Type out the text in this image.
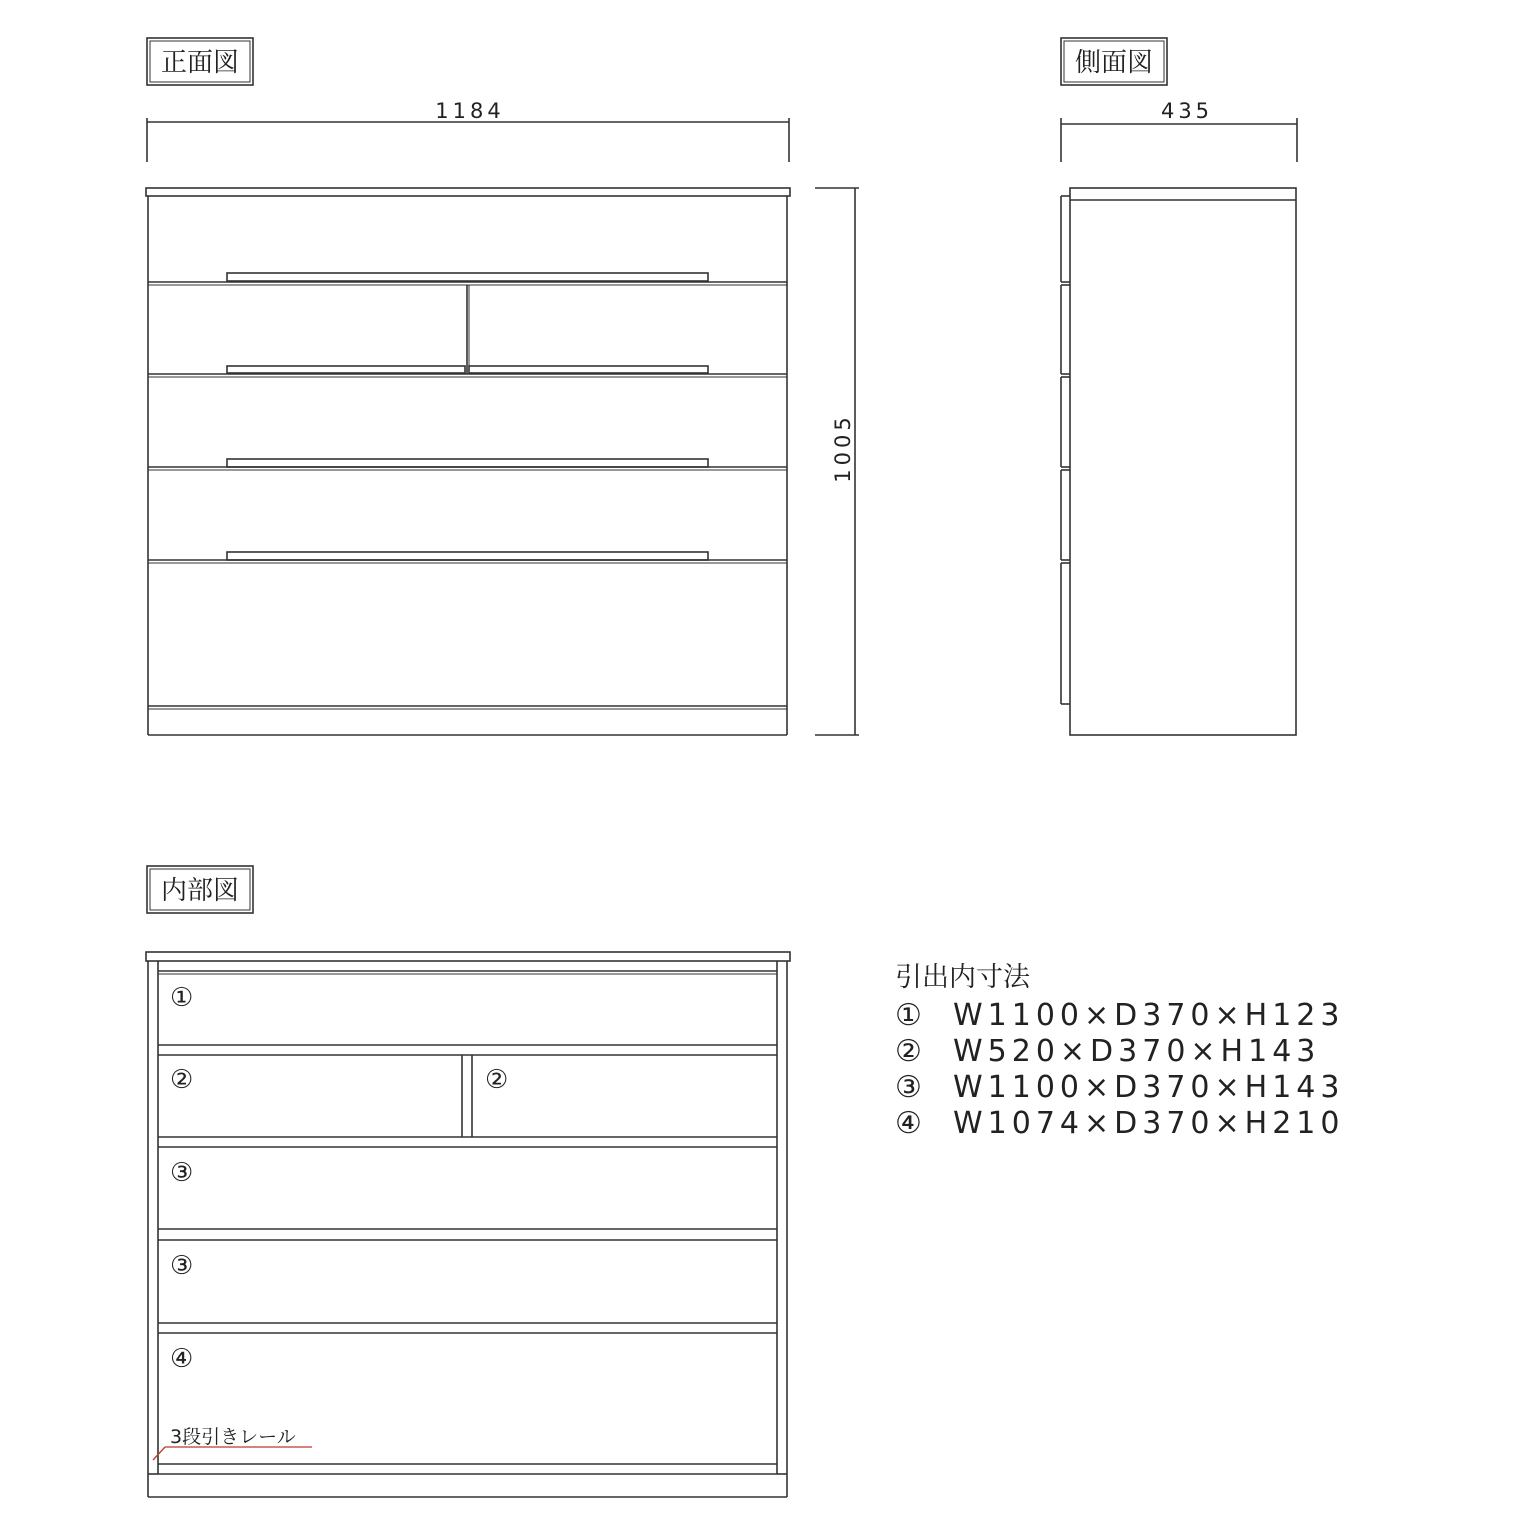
正面図
1184
1005
側面図
435
内部図
①
②	②
③
③
④
3段引きレール
引出内寸法
① W1100×D370×H123
② W520×D370×H143
③ W1100×D370×H143
④ W1074×D370×H210
